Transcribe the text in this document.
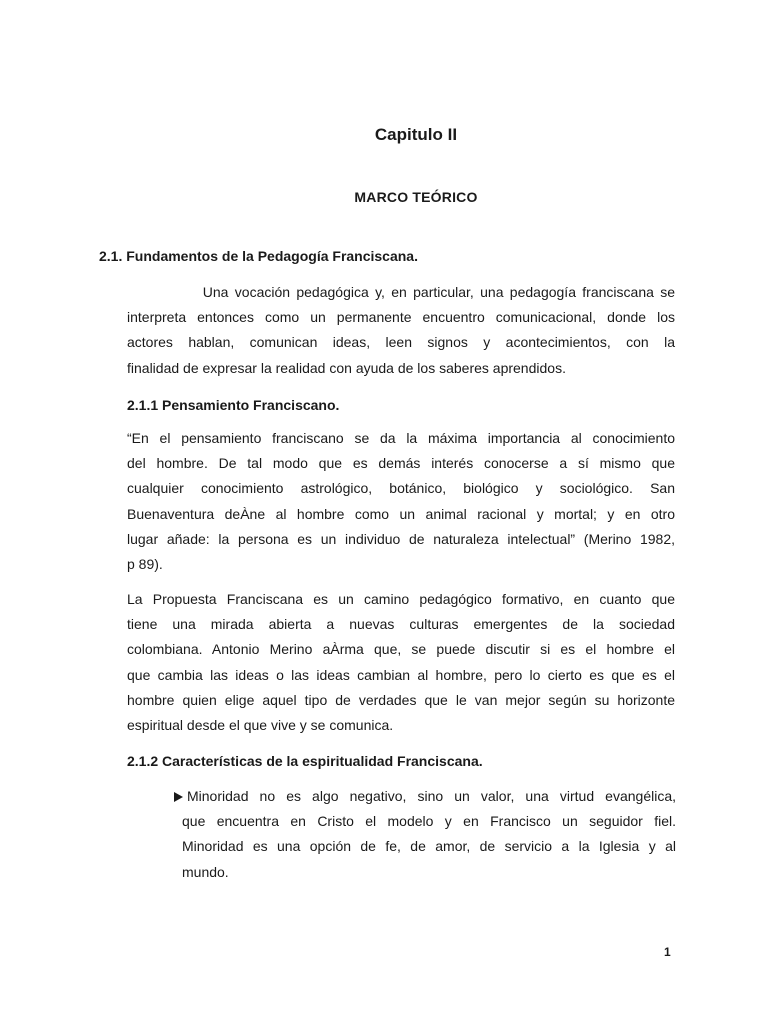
Capitulo II
MARCO TEÓRICO
2.1. Fundamentos de la Pedagogía Franciscana.
Una vocación pedagógica y, en particular, una pedagogía franciscana se
interpreta entonces como un permanente encuentro comunicacional, donde los
actores hablan, comunican ideas, leen signos y acontecimientos, con la
finalidad de expresar la realidad con ayuda de los saberes aprendidos.
2.1.1 Pensamiento Franciscano.
“En el pensamiento franciscano se da la máxima importancia al conocimiento
del hombre. De tal modo que es demás interés conocerse a sí mismo que
cualquier conocimiento astrológico, botánico, biológico y sociológico. San
Buenaventura deÀne al hombre como un animal racional y mortal; y en otro
lugar añade: la persona es un individuo de naturaleza intelectual” (Merino 1982,
p 89).
La Propuesta Franciscana es un camino pedagógico formativo, en cuanto que
tiene una mirada abierta a nuevas culturas emergentes de la sociedad
colombiana. Antonio Merino aÀrma que, se puede discutir si es el hombre el
que cambia las ideas o las ideas cambian al hombre, pero lo cierto es que es el
hombre quien elige aquel tipo de verdades que le van mejor según su horizonte
espiritual desde el que vive y se comunica.
2.1.2 Características de la espiritualidad Franciscana.
Minoridad no es algo negativo, sino un valor, una virtud evangélica,
que encuentra en Cristo el modelo y en Francisco un seguidor fiel.
Minoridad es una opción de fe, de amor, de servicio a la Iglesia y al
mundo.

1
